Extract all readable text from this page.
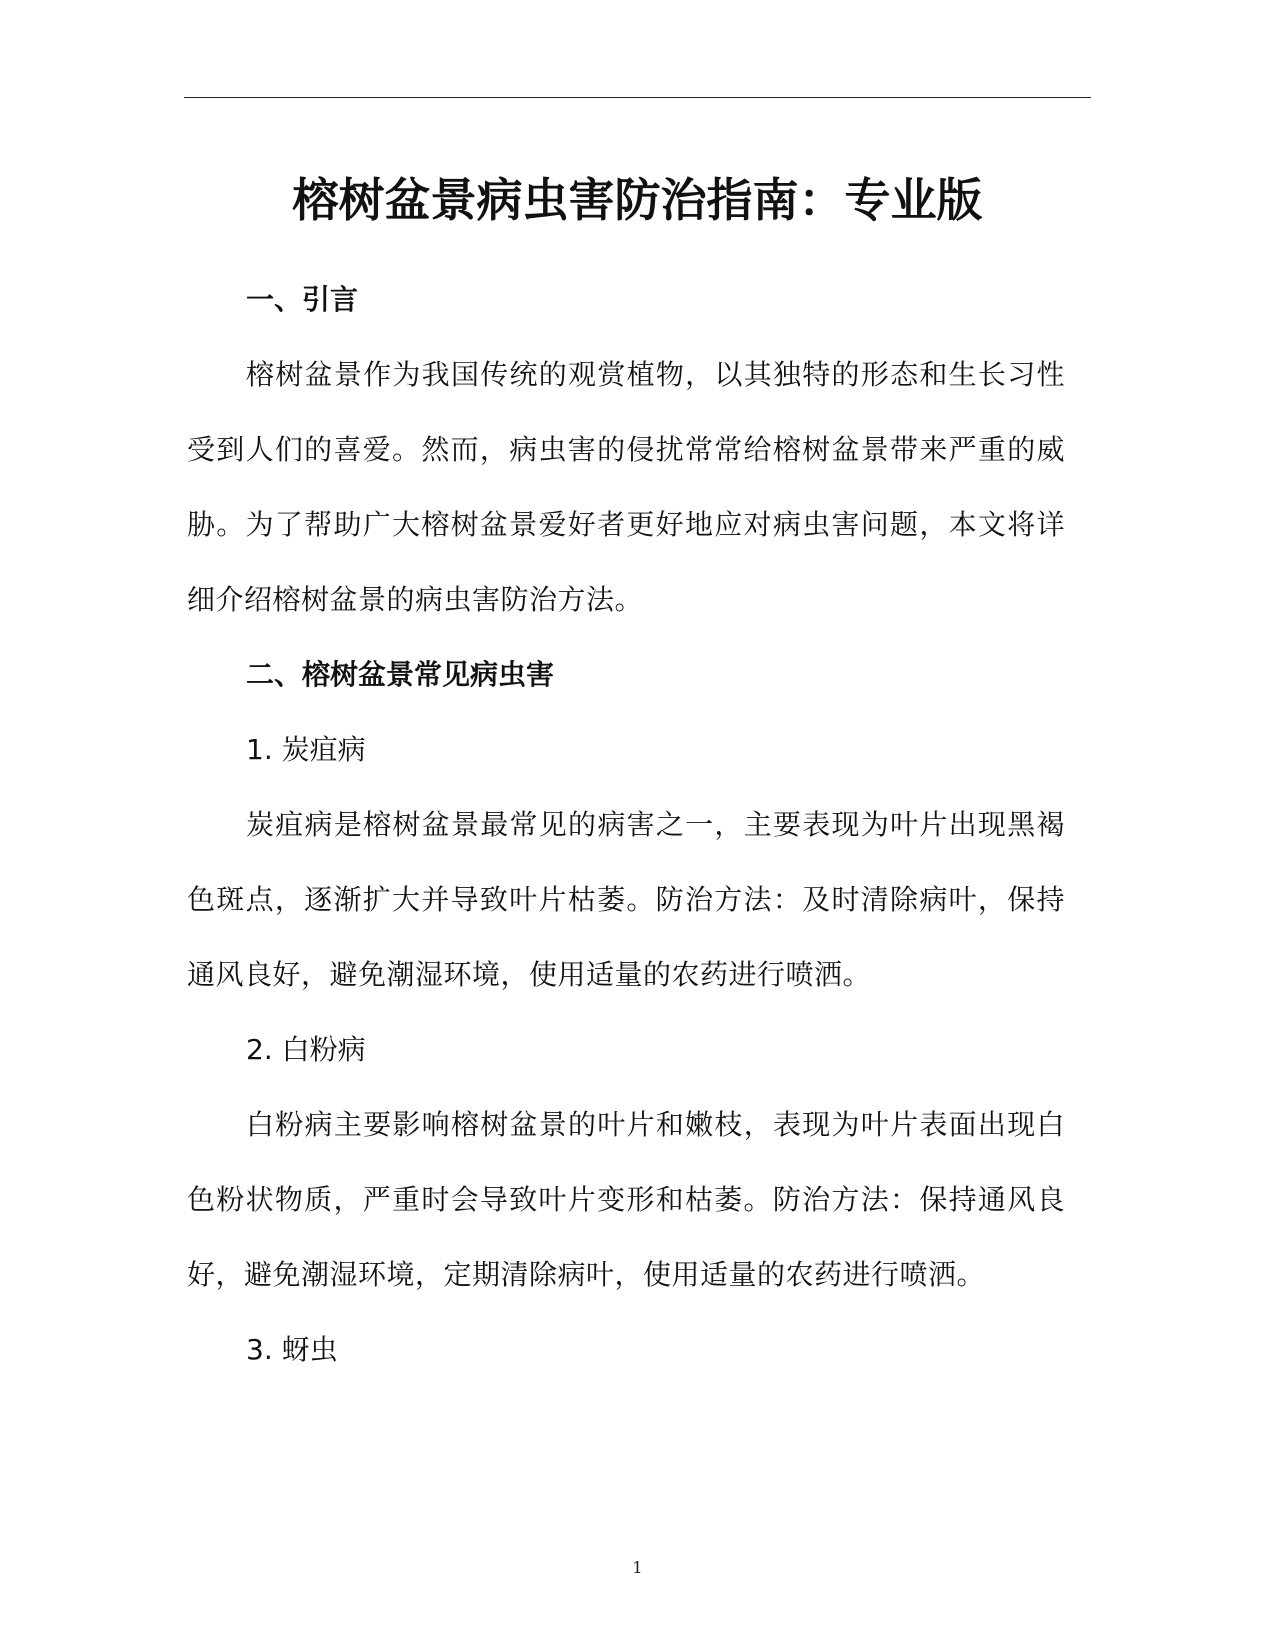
榕树盆景病虫害防治指南：专业版

一、引言

榕树盆景作为我国传统的观赏植物，以其独特的形态和生长习性受到人们的喜爱。然而，病虫害的侵扰常常给榕树盆景带来严重的威胁。为了帮助广大榕树盆景爱好者更好地应对病虫害问题，本文将详细介绍榕树盆景的病虫害防治方法。

二、榕树盆景常见病虫害

1. 炭疽病

炭疽病是榕树盆景最常见的病害之一，主要表现为叶片出现黑褐色斑点，逐渐扩大并导致叶片枯萎。防治方法：及时清除病叶，保持通风良好，避免潮湿环境，使用适量的农药进行喷洒。

2. 白粉病

白粉病主要影响榕树盆景的叶片和嫩枝，表现为叶片表面出现白色粉状物质，严重时会导致叶片变形和枯萎。防治方法：保持通风良好，避免潮湿环境，定期清除病叶，使用适量的农药进行喷洒。

3. 蚜虫

1
